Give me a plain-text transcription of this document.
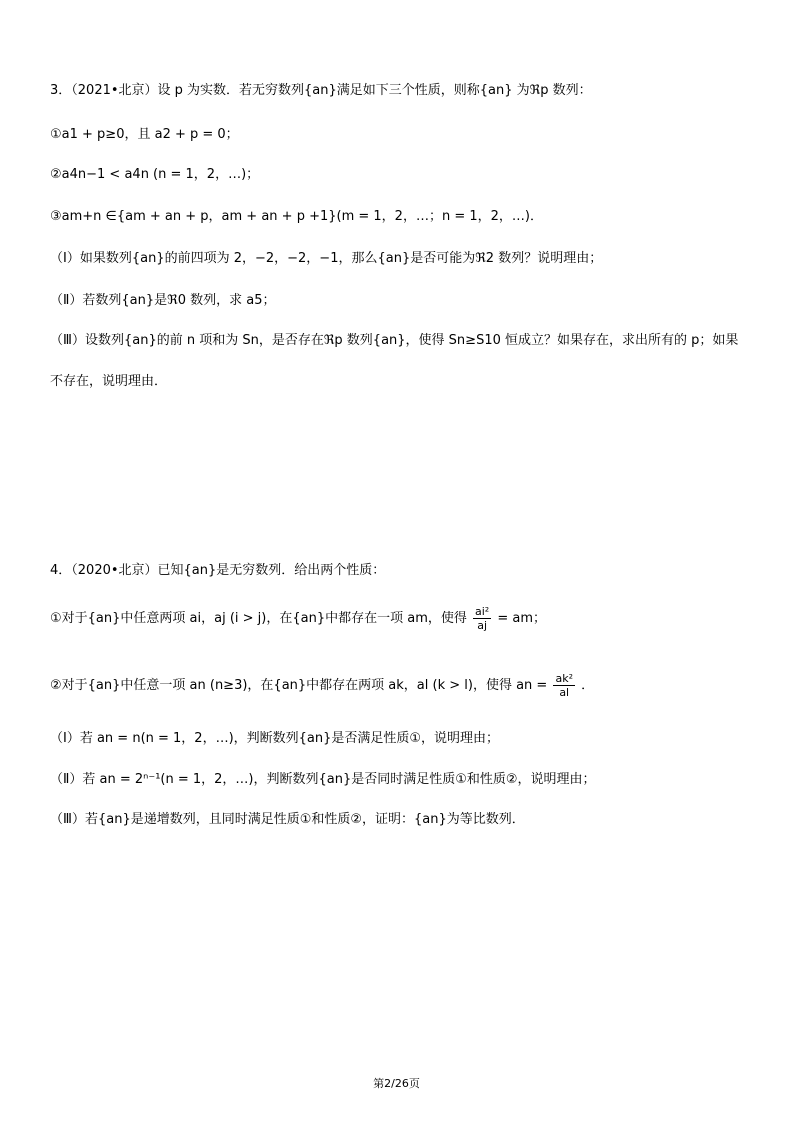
3．（2021•北京）设 p 为实数．若无穷数列{an}满足如下三个性质，则称{an} 为ℜp 数列：
①a1 + p≥0，且 a2 + p = 0；
②a4n−1 < a4n (n = 1，2，…)；
③am+n ∈{am + an + p，am + an + p +1}(m = 1，2，…；n = 1，2，…)．
（Ⅰ）如果数列{an}的前四项为 2，−2，−2，−1，那么{an}是否可能为ℜ2 数列？说明理由；
（Ⅱ）若数列{an}是ℜ0 数列，求 a5；
（Ⅲ）设数列{an}的前 n 项和为 Sn，是否存在ℜp 数列{an}，使得 Sn≥S10 恒成立？如果存在，求出所有的 p；如果
不存在，说明理由．
4．（2020•北京）已知{an}是无穷数列．给出两个性质：
①对于{an}中任意两项 ai，aj (i > j)，在{an}中都存在一项 am，使得 $\frac{\text{ai²}}{aj}$ = am；
②对于{an}中任意一项 an (n≥3)，在{an}中都存在两项 ak，al (k > l)，使得 an = $\frac{\text{ak²}}{al}$ ．
（Ⅰ）若 an = n(n = 1，2，…)，判断数列{an}是否满足性质①，说明理由；
（Ⅱ）若 an = 2ⁿ⁻¹(n = 1，2，…)，判断数列{an}是否同时满足性质①和性质②，说明理由；
（Ⅲ）若{an}是递增数列，且同时满足性质①和性质②，证明：{an}为等比数列．
第2/26页
